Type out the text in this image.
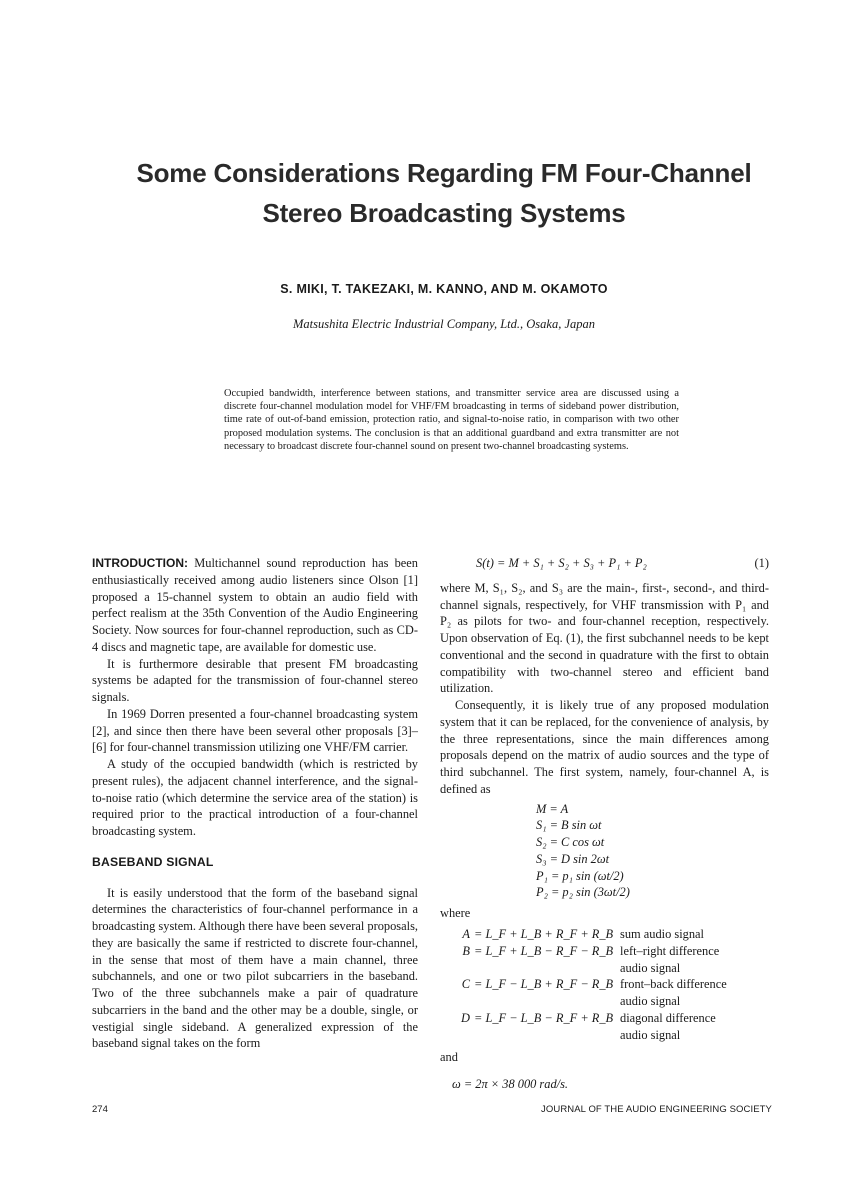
Some Considerations Regarding FM Four-Channel
Stereo Broadcasting Systems
S. MIKI, T. TAKEZAKI, M. KANNO, AND M. OKAMOTO
Matsushita Electric Industrial Company, Ltd., Osaka, Japan
Occupied bandwidth, interference between stations, and transmitter service area are discussed using a discrete four-channel modulation model for VHF/FM broadcasting in terms of sideband power distribution, time rate of out-of-band emission, protection ratio, and signal-to-noise ratio, in comparison with two other proposed modulation systems. The conclusion is that an additional guardband and extra transmitter are not necessary to broadcast discrete four-channel sound on present two-channel broadcasting systems.

INTRODUCTION: Multichannel sound reproduction has been enthusiastically received among audio listeners since Olson [1] proposed a 15-channel system to obtain an audio field with perfect realism at the 35th Convention of the Audio Engineering Society. Now sources for four-channel reproduction, such as CD-4 discs and magnetic tape, are available for domestic use.

It is furthermore desirable that present FM broadcasting systems be adapted for the transmission of four-channel stereo signals.

In 1969 Dorren presented a four-channel broadcasting system [2], and since then there have been several other proposals [3]–[6] for four-channel transmission utilizing one VHF/FM carrier.

A study of the occupied bandwidth (which is restricted by present rules), the adjacent channel interference, and the signal-to-noise ratio (which determine the service area of the station) is required prior to the practical introduction of a four-channel broadcasting system.

BASEBAND SIGNAL

It is easily understood that the form of the baseband signal determines the characteristics of four-channel performance in a broadcasting system. Although there have been several proposals, they are basically the same if restricted to discrete four-channel, in the sense that most of them have a main channel, three subchannels, and one or two pilot subcarriers in the baseband. Two of the three subchannels make a pair of quadrature subcarriers in the band and the other may be a double, single, or vestigial single sideband. A generalized expression of the baseband signal takes on the form

S(t) = M + S₁ + S₂ + S₃ + P₁ + P₂	(1)

where M, S₁, S₂, and S₃ are the main-, first-, second-, and third-channel signals, respectively, for VHF transmission with P₁ and P₂ as pilots for two- and four-channel reception, respectively. Upon observation of Eq. (1), the first subchannel needs to be kept conventional and the second in quadrature with the first to obtain compatibility with two-channel stereo and efficient band utilization.

Consequently, it is likely true of any proposed modulation system that it can be replaced, for the convenience of analysis, by the three representations, since the main differences among proposals depend on the matrix of audio sources and the type of third subchannel. The first system, namely, four-channel A, is defined as

M = A
S₁ = B sin ωt
S₂ = C cos ωt
S₃ = D sin 2ωt
P₁ = p₁ sin (ωt/2)
P₂ = p₂ sin (3ωt/2)
where
A	= L_F + L_B + R_F + R_B	sum audio signal

B	= L_F + L_B − R_F − R_B	left–right difference
audio signal

C	= L_F − L_B + R_F − R_B	front–back difference
audio signal

D	= L_F − L_B − R_F + R_B	diagonal difference
audio signal
and
ω = 2π × 38 000 rad/s.
274	JOURNAL OF THE AUDIO ENGINEERING SOCIETY
